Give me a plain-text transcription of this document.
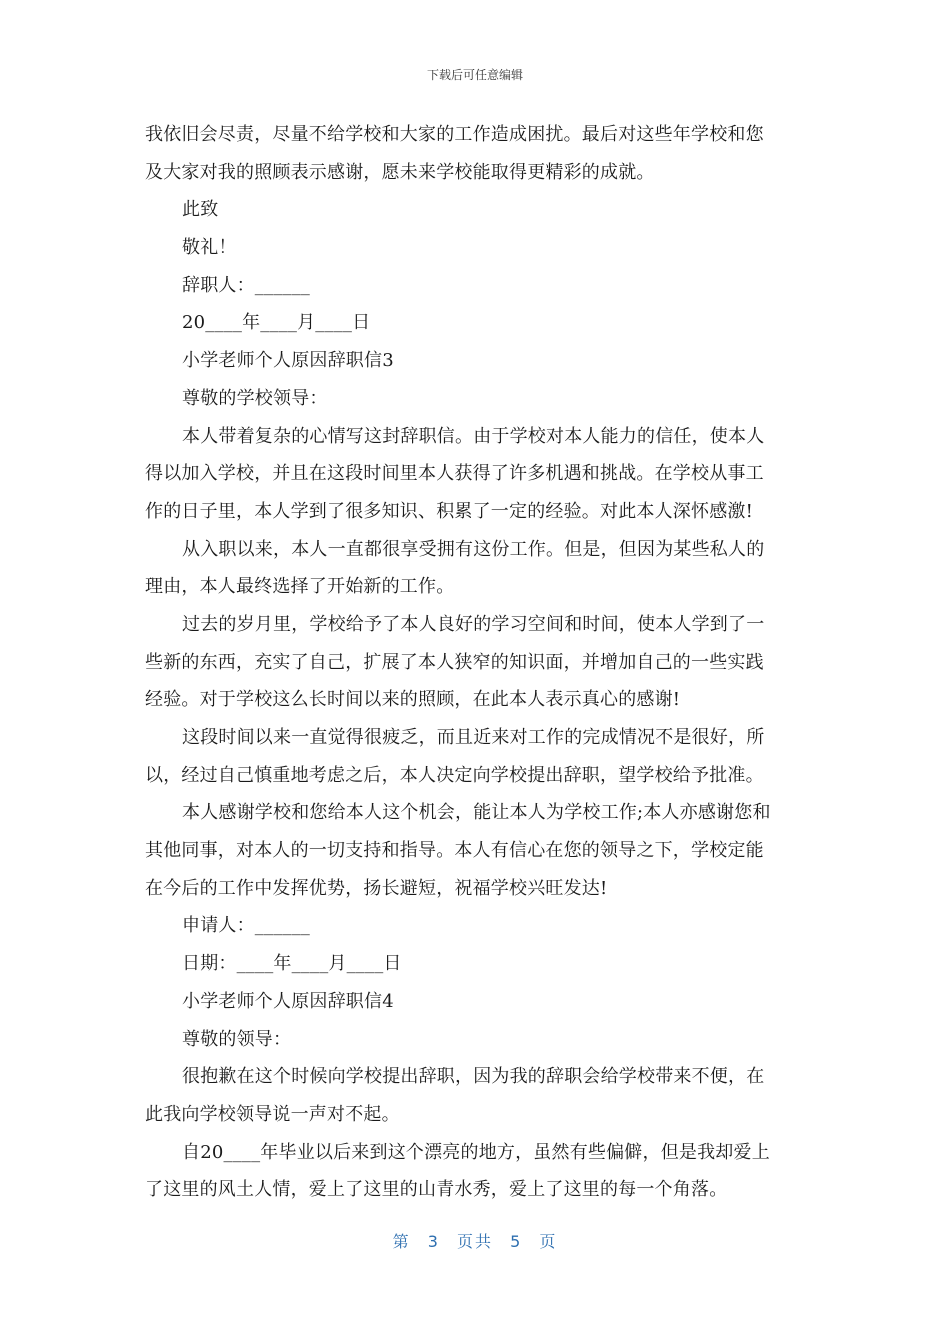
下载后可任意编辑
我依旧会尽责，尽量不给学校和大家的工作造成困扰。最后对这些年学校和您
及大家对我的照顾表示感谢，愿未来学校能取得更精彩的成就。
此致
敬礼！
辞职人：______
20____年____月____日
小学老师个人原因辞职信3
尊敬的学校领导：
本人带着复杂的心情写这封辞职信。由于学校对本人能力的信任，使本人
得以加入学校，并且在这段时间里本人获得了许多机遇和挑战。在学校从事工
作的日子里，本人学到了很多知识、积累了一定的经验。对此本人深怀感激!
从入职以来，本人一直都很享受拥有这份工作。但是，但因为某些私人的
理由，本人最终选择了开始新的工作。
过去的岁月里，学校给予了本人良好的学习空间和时间，使本人学到了一
些新的东西，充实了自己，扩展了本人狭窄的知识面，并增加自己的一些实践
经验。对于学校这么长时间以来的照顾，在此本人表示真心的感谢!
这段时间以来一直觉得很疲乏，而且近来对工作的完成情况不是很好，所
以，经过自己慎重地考虑之后，本人决定向学校提出辞职，望学校给予批准。
本人感谢学校和您给本人这个机会，能让本人为学校工作;本人亦感谢您和
其他同事，对本人的一切支持和指导。本人有信心在您的领导之下，学校定能
在今后的工作中发挥优势，扬长避短，祝福学校兴旺发达!
申请人：______
日期：____年____月____日
小学老师个人原因辞职信4
尊敬的领导：
很抱歉在这个时候向学校提出辞职，因为我的辞职会给学校带来不便，在
此我向学校领导说一声对不起。
自20____年毕业以后来到这个漂亮的地方，虽然有些偏僻，但是我却爱上
了这里的风土人情，爱上了这里的山青水秀，爱上了这里的每一个角落。
第 3 页共 5 页
